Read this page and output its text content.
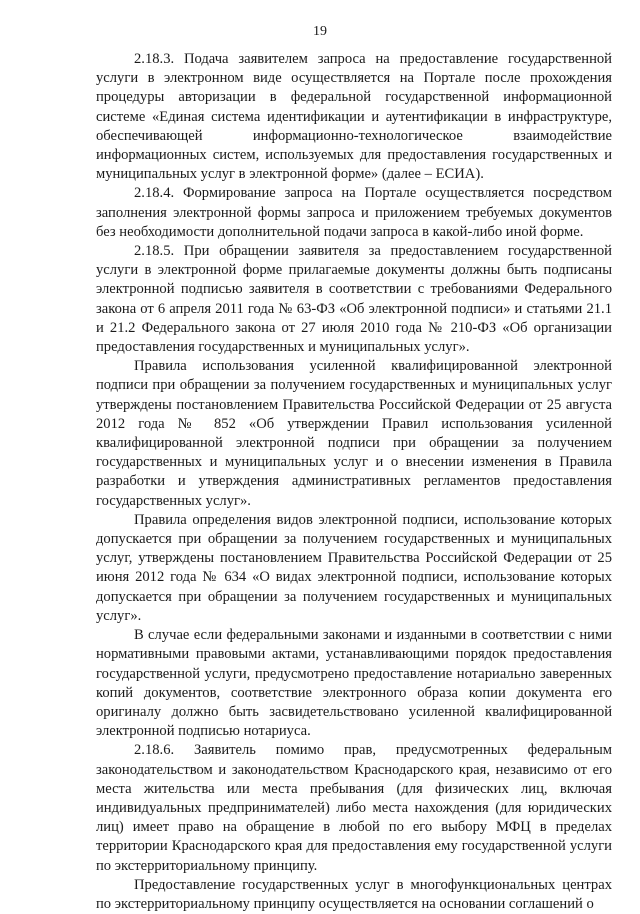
19

2.18.3. Подача заявителем запроса на предоставление государственной услуги в электронном виде осуществляется на Портале после прохождения процедуры авторизации в федеральной государственной информационной системе «Единая система идентификации и аутентификации в инфраструктуре, обеспечивающей информационно-технологическое взаимодействие информационных систем, используемых для предоставления государственных и муниципальных услуг в электронной форме» (далее – ЕСИА).

2.18.4. Формирование запроса на Портале осуществляется посредством заполнения электронной формы запроса и приложением требуемых документов без необходимости дополнительной подачи запроса в какой-либо иной форме.

2.18.5. При обращении заявителя за предоставлением государственной услуги в электронной форме прилагаемые документы должны быть подписаны электронной подписью заявителя в соответствии с требованиями Федерального закона от 6 апреля 2011 года № 63-ФЗ «Об электронной подписи» и статьями 21.1 и 21.2 Федерального закона от 27 июля 2010 года № 210-ФЗ «Об организации предоставления государственных и муниципальных услуг».

Правила использования усиленной квалифицированной электронной подписи при обращении за получением государственных и муниципальных услуг утверждены постановлением Правительства Российской Федерации от 25 августа 2012 года № 852 «Об утверждении Правил использования усиленной квалифицированной электронной подписи при обращении за получением государственных и муниципальных услуг и о внесении изменения в Правила разработки и утверждения административных регламентов предоставления государственных услуг».

Правила определения видов электронной подписи, использование которых допускается при обращении за получением государственных и муниципальных услуг, утверждены постановлением Правительства Российской Федерации от 25 июня 2012 года № 634 «О видах электронной подписи, использование которых допускается при обращении за получением государственных и муниципальных услуг».

В случае если федеральными законами и изданными в соответствии с ними нормативными правовыми актами, устанавливающими порядок предоставления государственной услуги, предусмотрено предоставление нотариально заверенных копий документов, соответствие электронного образа копии документа его оригиналу должно быть засвидетельствовано усиленной квалифицированной электронной подписью нотариуса.

2.18.6. Заявитель помимо прав, предусмотренных федеральным законодательством и законодательством Краснодарского края, независимо от его места жительства или места пребывания (для физических лиц, включая индивидуальных предпринимателей) либо места нахождения (для юридических лиц) имеет право на обращение в любой по его выбору МФЦ в пределах территории Краснодарского края для предоставления ему государственной услуги по экстерриториальному принципу.

Предоставление государственных услуг в многофункциональных центрах по экстерриториальному принципу осуществляется на основании соглашений о
